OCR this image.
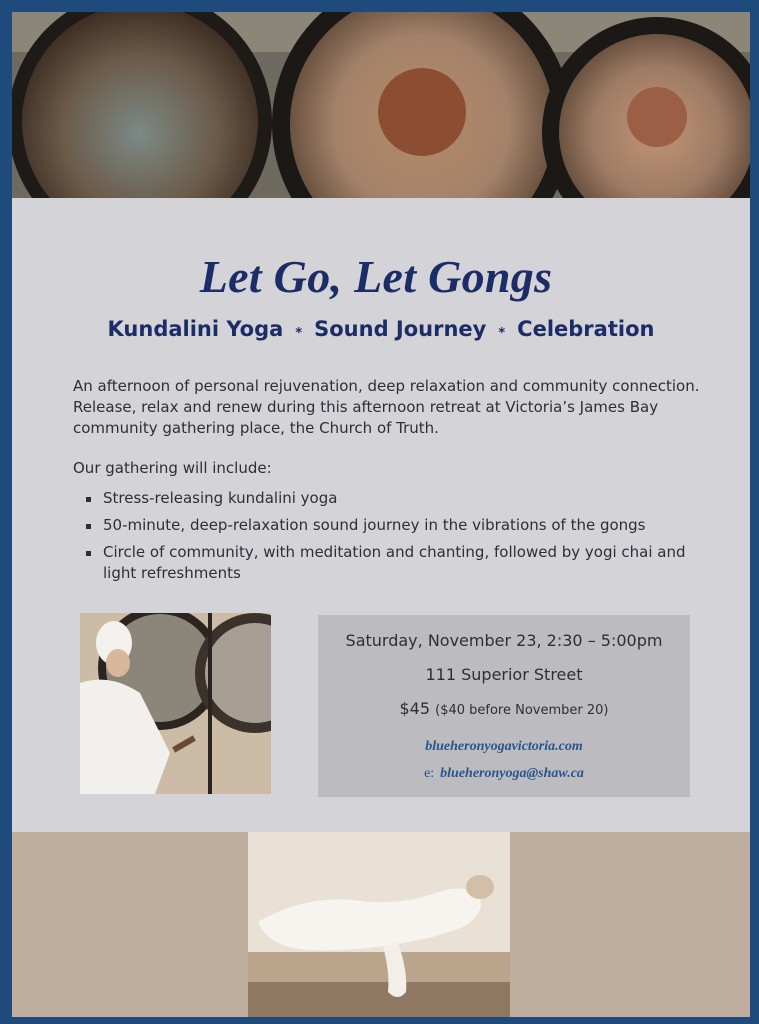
Let Go, Let Gongs
Kundalini Yoga * Sound Journey * Celebration

An afternoon of personal rejuvenation, deep relaxation and community connection. Release, relax and renew during this afternoon retreat at Victoria’s James Bay community gathering place, the Church of Truth.

Our gathering will include:

Stress-releasing kundalini yoga
50-minute, deep-relaxation sound journey in the vibrations of the gongs
Circle of community, with meditation and chanting, followed by yogi chai and light refreshments
Saturday, November 23, 2:30 – 5:00pm
111 Superior Street
$45 ($40 before November 20)
blueheronyogavictoria.com
e: blueheronyoga@shaw.ca
